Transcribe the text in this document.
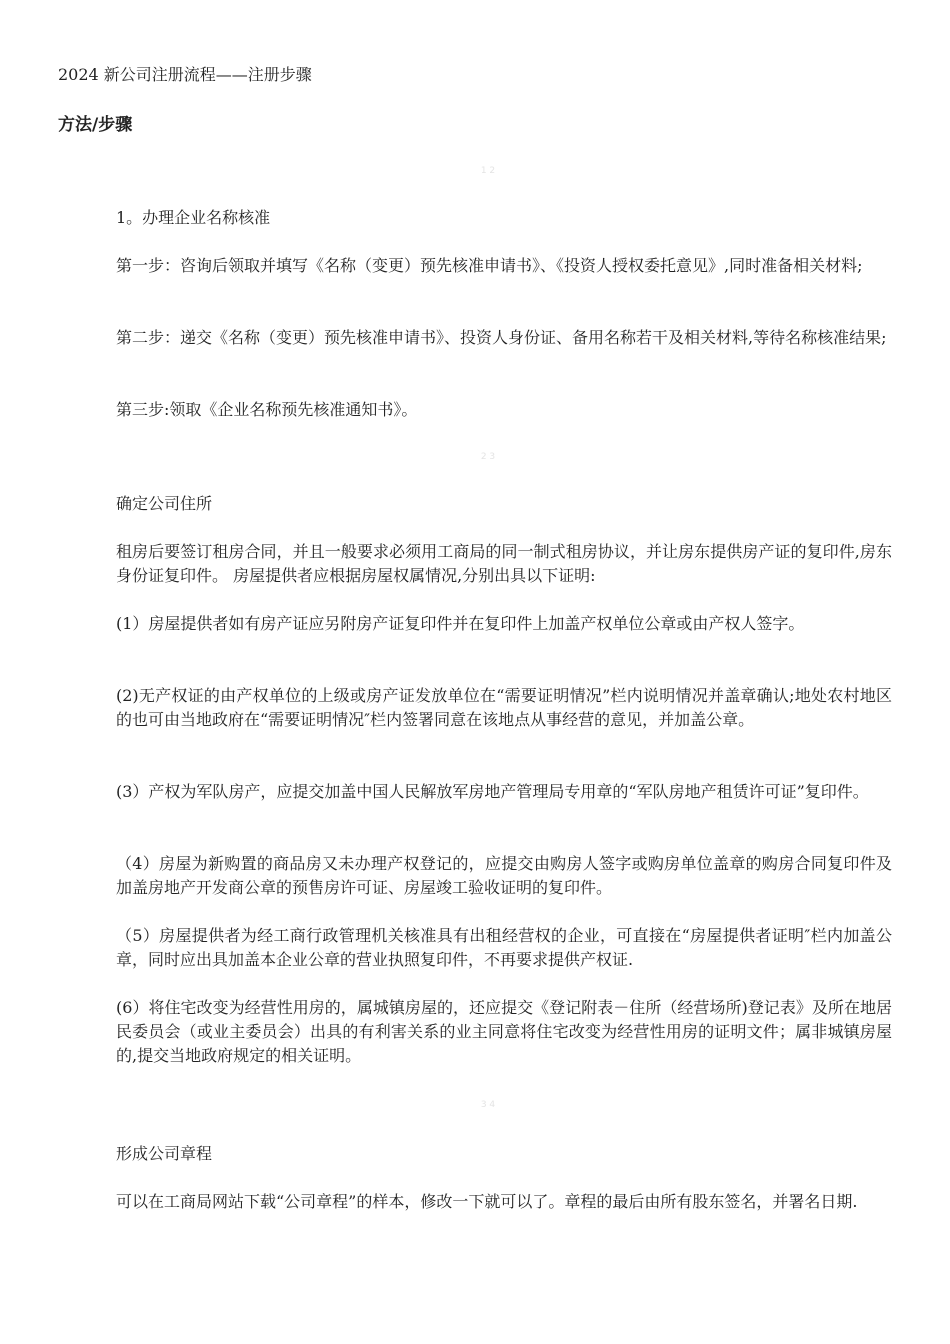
2024 新公司注册流程——注册步骤
方法/步骤
1 2

1。办理企业名称核准

第一步：咨询后领取并填写《名称（变更）预先核准申请书》、《投资人授权委托意见》,同时准备相关材料;

第二步：递交《名称（变更）预先核准申请书》、投资人身份证、备用名称若干及相关材料,等待名称核准结果;

第三步:领取《企业名称预先核准通知书》。

2 3

确定公司住所

租房后要签订租房合同，并且一般要求必须用工商局的同一制式租房协议，并让房东提供房产证的复印件,房东身份证复印件。 房屋提供者应根据房屋权属情况,分别出具以下证明:

(1）房屋提供者如有房产证应另附房产证复印件并在复印件上加盖产权单位公章或由产权人签字。

(2)无产权证的由产权单位的上级或房产证发放单位在“需要证明情况”栏内说明情况并盖章确认;地处农村地区的也可由当地政府在“需要证明情况″栏内签署同意在该地点从事经营的意见，并加盖公章。

(3）产权为军队房产，应提交加盖中国人民解放军房地产管理局专用章的“军队房地产租赁许可证”复印件。

（4）房屋为新购置的商品房又未办理产权登记的，应提交由购房人签字或购房单位盖章的购房合同复印件及加盖房地产开发商公章的预售房许可证、房屋竣工验收证明的复印件。

（5）房屋提供者为经工商行政管理机关核准具有出租经营权的企业，可直接在“房屋提供者证明″栏内加盖公章，同时应出具加盖本企业公章的营业执照复印件，不再要求提供产权证.

(6）将住宅改变为经营性用房的，属城镇房屋的，还应提交《登记附表－住所（经营场所)登记表》及所在地居民委员会（或业主委员会）出具的有利害关系的业主同意将住宅改变为经营性用房的证明文件；属非城镇房屋的,提交当地政府规定的相关证明。

3 4

形成公司章程

可以在工商局网站下载“公司章程”的样本，修改一下就可以了。章程的最后由所有股东签名，并署名日期.
